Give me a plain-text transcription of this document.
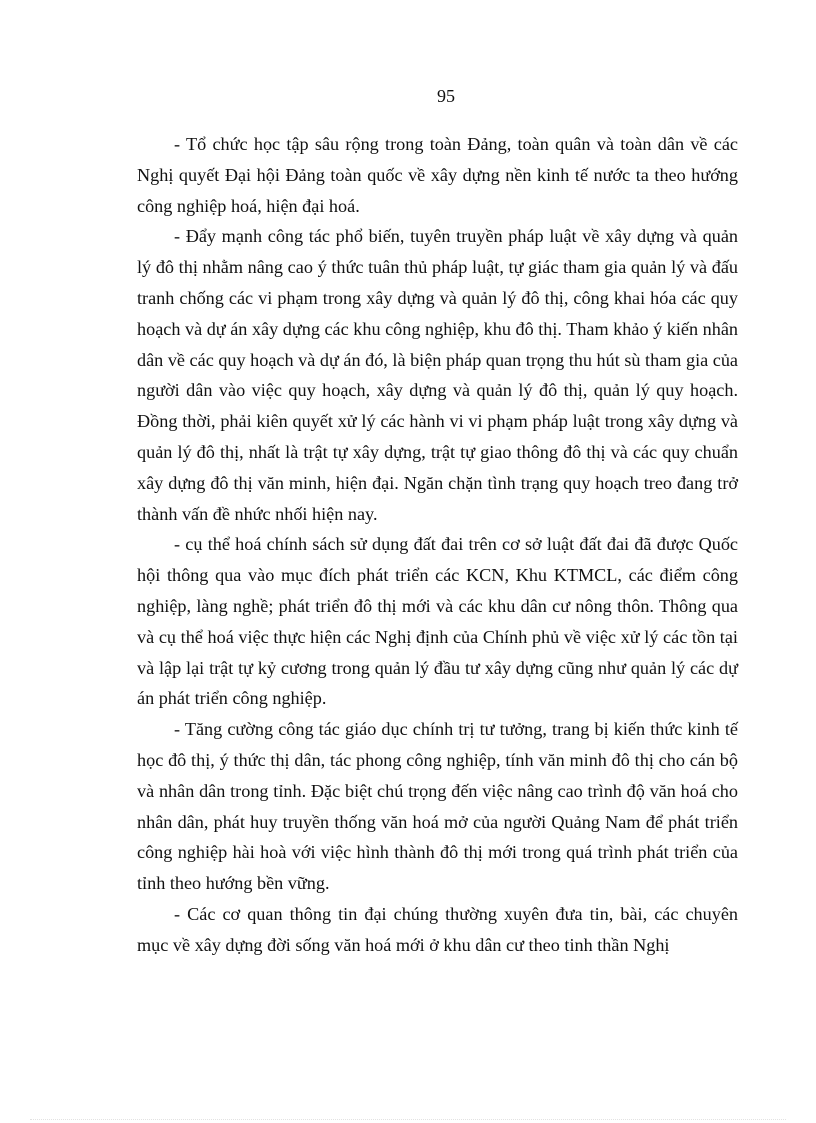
95

- Tổ chức học tập sâu rộng trong toàn Đảng, toàn quân và toàn dân về các Nghị quyết Đại hội Đảng toàn quốc về xây dựng nền kinh tế nước ta theo hướng công nghiệp hoá, hiện đại hoá.

- Đẩy mạnh công tác phổ biến, tuyên truyền pháp luật về xây dựng và quản lý đô thị nhằm nâng cao ý thức tuân thủ pháp luật, tự giác tham gia quản lý và đấu tranh chống các vi phạm trong xây dựng và quản lý đô thị, công khai hóa các quy hoạch và dự án xây dựng các khu công nghiệp, khu đô thị. Tham khảo ý kiến nhân dân về các quy hoạch và dự án đó, là biện pháp quan trọng thu hút sù tham gia của người dân vào việc quy hoạch, xây dựng và quản lý đô thị, quản lý quy hoạch. Đồng thời, phải kiên quyết xử lý các hành vi vi phạm pháp luật trong xây dựng và quản lý đô thị, nhất là trật tự xây dựng, trật tự giao thông đô thị và các quy chuẩn xây dựng đô thị văn minh, hiện đại. Ngăn chặn tình trạng quy hoạch treo đang trở thành vấn đề nhức nhối hiện nay.

- cụ thể hoá chính sách sử dụng đất đai trên cơ sở luật đất đai đã được Quốc hội thông qua vào mục đích phát triển các KCN, Khu KTMCL, các điểm công nghiệp, làng nghề; phát triển đô thị mới và các khu dân cư nông thôn. Thông qua và cụ thể hoá việc thực hiện các Nghị định của Chính phủ về việc xử lý các tồn tại và lập lại trật tự kỷ cương trong quản lý đầu tư xây dựng cũng như quản lý các dự án phát triển công nghiệp.

- Tăng cường công tác giáo dục chính trị tư tưởng, trang bị kiến thức kinh tế học đô thị, ý thức thị dân, tác phong công nghiệp, tính văn minh đô thị cho cán bộ và nhân dân trong tỉnh. Đặc biệt chú trọng đến việc nâng cao trình độ văn hoá cho nhân dân, phát huy truyền thống văn hoá mở của người Quảng Nam để phát triển công nghiệp hài hoà với việc hình thành đô thị mới trong quá trình phát triển của tỉnh theo hướng bền vững.

- Các cơ quan thông tin đại chúng thường xuyên đưa tin, bài, các chuyên mục về xây dựng đời sống văn hoá mới ở khu dân cư theo tinh thần Nghị
